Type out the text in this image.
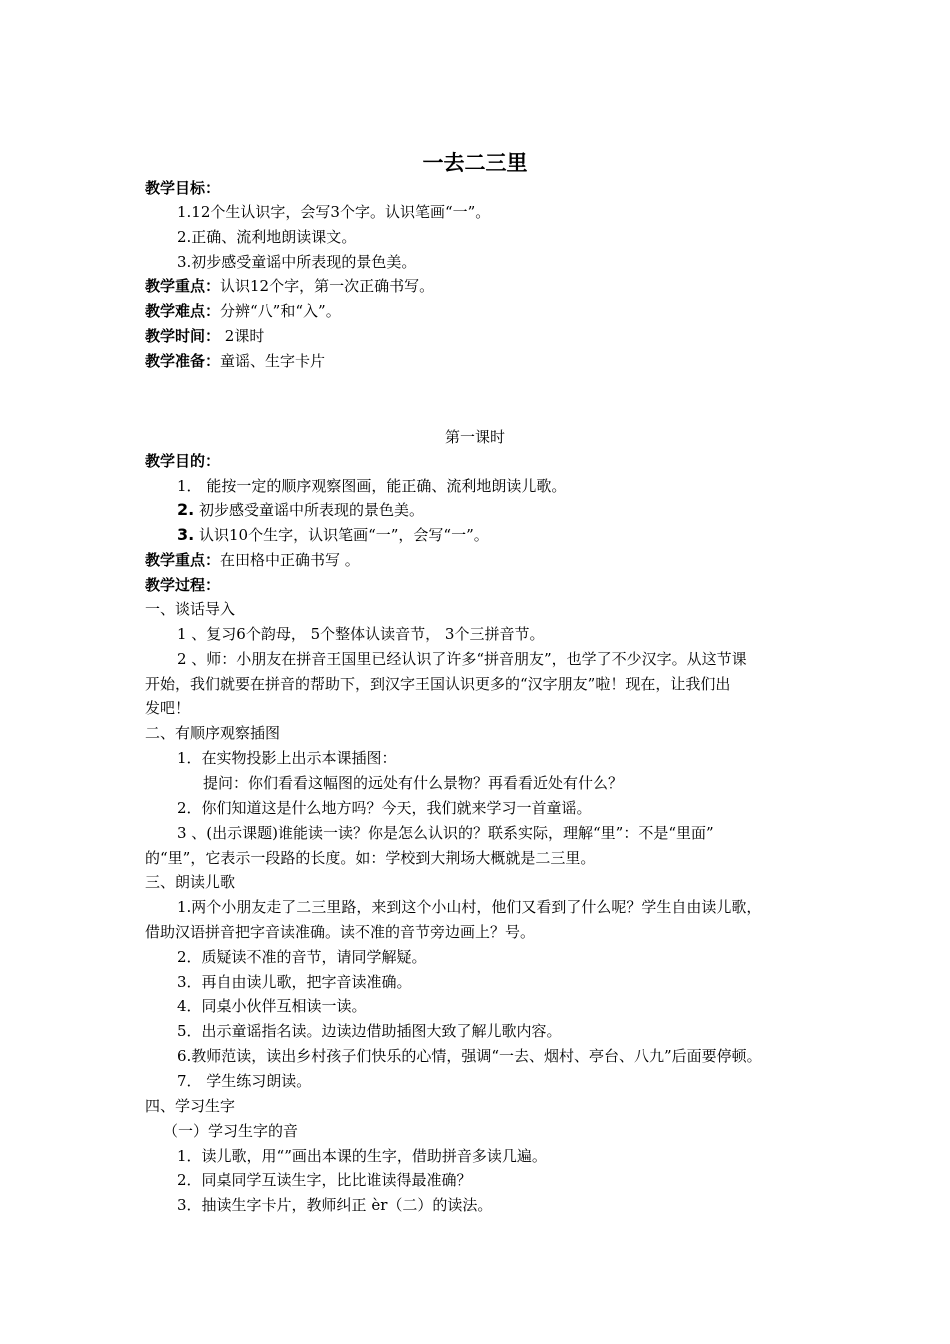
一去二三里
教学目标：
1.12个生认识字，会写3个字。认识笔画“一”。
2.正确、流利地朗读课文。
3.初步感受童谣中所表现的景色美。
教学重点：认识12个字，第一次正确书写。
教学难点：分辨“八”和“入”。
教学时间： 2课时
教学准备：童谣、生字卡片
第一课时
教学目的：
1． 能按一定的顺序观察图画，能正确、流利地朗读儿歌。
2. 初步感受童谣中所表现的景色美。
3. 认识10个生字，认识笔画“一”，会写“一”。
教学重点：在田格中正确书写 。
教学过程：
一、谈话导入
1 、复习6个韵母， 5个整体认读音节， 3个三拼音节。
2 、师：小朋友在拼音王国里已经认识了许多“拼音朋友”，也学了不少汉字。从这节课
开始，我们就要在拼音的帮助下，到汉字王国认识更多的“汉字朋友”啦！现在，让我们出
发吧！
二、有顺序观察插图
1．在实物投影上出示本课插图：
提问：你们看看这幅图的远处有什么景物？再看看近处有什么？
2．你们知道这是什么地方吗？今天，我们就来学习一首童谣。
3 、(出示课题)谁能读一读？你是怎么认识的？联系实际，理解“里”：不是“里面”
的“里”，它表示一段路的长度。如：学校到大荆场大概就是二三里。
三、朗读儿歌
1.两个小朋友走了二三里路，来到这个小山村，他们又看到了什么呢？学生自由读儿歌，
借助汉语拼音把字音读准确。读不准的音节旁边画上？号。
2．质疑读不准的音节，请同学解疑。
3．再自由读儿歌，把字音读准确。
4．同桌小伙伴互相读一读。
5．出示童谣指名读。边读边借助插图大致了解儿歌内容。
6.教师范读，读出乡村孩子们快乐的心情，强调“一去、烟村、亭台、八九”后面要停顿。
7． 学生练习朗读。
四、学习生字
（一）学习生字的音
1．读儿歌，用“”画出本课的生字，借助拼音多读几遍。
2．同桌同学互读生字，比比谁读得最准确？
3．抽读生字卡片，教师纠正 èr（二）的读法。
